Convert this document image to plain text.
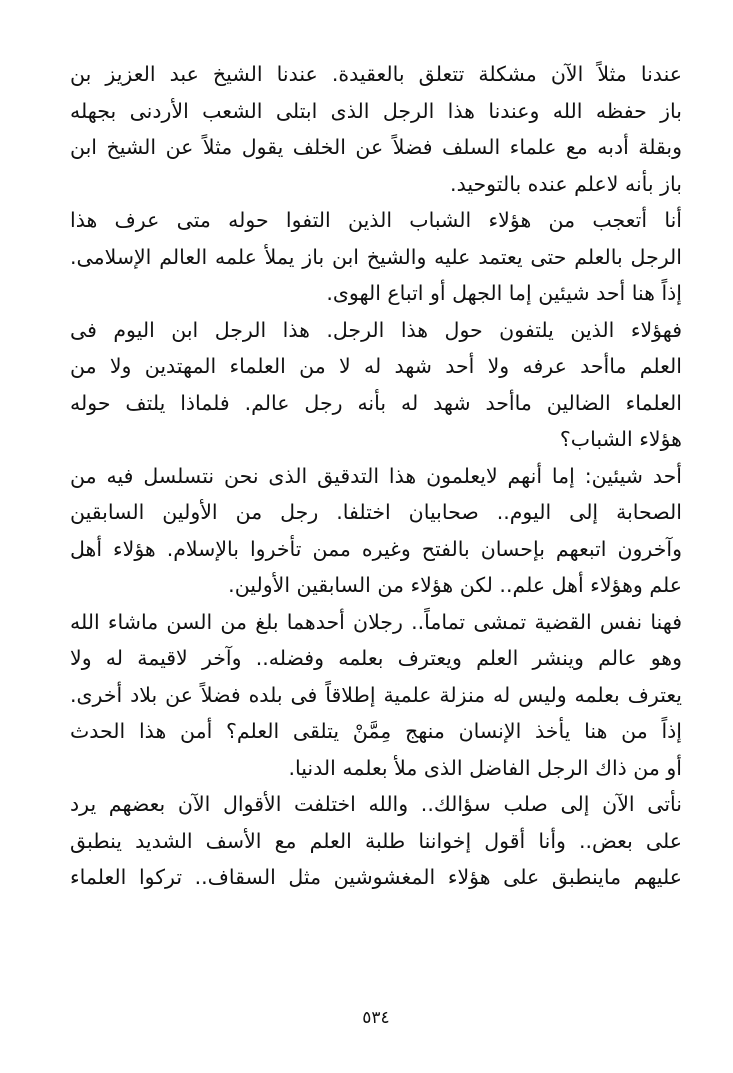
عندنا مثلاً الآن مشكلة تتعلق بالعقيدة. عندنا الشيخ عبد العزيز بن
باز حفظه الله وعندنا هذا الرجل الذى ابتلى الشعب الأردنى بجهله
وبقلة أدبه مع علماء السلف فضلاً عن الخلف يقول مثلاً عن الشيخ ابن
باز بأنه لاعلم عنده بالتوحيد.
أنا أتعجب من هؤلاء الشباب الذين التفوا حوله متى عرف هذا
الرجل بالعلم حتى يعتمد عليه والشيخ ابن باز يملأ علمه العالم الإسلامى.
إذاً هنا أحد شيئين إما الجهل أو اتباع الهوى.
فهؤلاء الذين يلتفون حول هذا الرجل. هذا الرجل ابن اليوم فى
العلم ماأحد عرفه ولا أحد شهد له لا من العلماء المهتدين ولا من
العلماء الضالين ماأحد شهد له بأنه رجل عالم. فلماذا يلتف حوله
هؤلاء الشباب؟
أحد شيئين: إما أنهم لايعلمون هذا التدقيق الذى نحن نتسلسل فيه من
الصحابة إلى اليوم.. صحابيان اختلفا. رجل من الأولين السابقين
وآخرون اتبعهم بإحسان بالفتح وغيره ممن تأخروا بالإسلام. هؤلاء أهل
علم وهؤلاء أهل علم.. لكن هؤلاء من السابقين الأولين.
فهنا نفس القضية تمشى تماماً.. رجلان أحدهما بلغ من السن ماشاء الله
وهو عالم وينشر العلم ويعترف بعلمه وفضله.. وآخر لاقيمة له ولا
يعترف بعلمه وليس له منزلة علمية إطلاقاً فى بلده فضلاً عن بلاد أخرى.
إذاً من هنا يأخذ الإنسان منهج مِمَّنْ يتلقى العلم؟ أمن هذا الحدث
أو من ذاك الرجل الفاضل الذى ملأ بعلمه الدنيا.
نأتى الآن إلى صلب سؤالك.. والله اختلفت الأقوال الآن بعضهم يرد
على بعض.. وأنا أقول إخواننا طلبة العلم مع الأسف الشديد ينطبق
عليهم ماينطبق على هؤلاء المغشوشين مثل السقاف.. تركوا العلماء
٥٣٤
